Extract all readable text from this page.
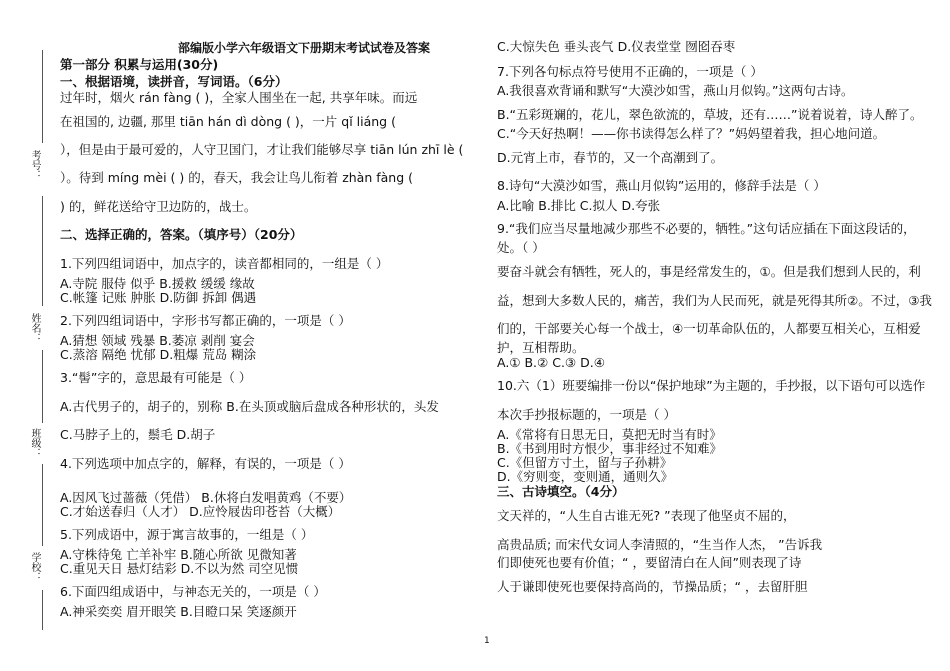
部编版小学六年级语文下册期末考试试卷及答案
考号：
姓名：
班级：
学校：
第一部分 积累与运用(30分)
一、根据语境，读拼音，写词语。（6分）
过年时，烟火 rán fàng ( )，全家人围坐在一起, 共享年味。而远
在祖国的, 边疆, 那里 tiān hán dì dòng ( )，一片 qǐ liáng (
），但是由于最可爱的，人守卫国门，才让我们能够尽享 tiān lún zhī lè (
）。待到 míng mèi ( ) 的，春天，我会让鸟儿衔着 zhàn fàng (
) 的，鲜花送给守卫边防的，战士。
二、选择正确的，答案。（填序号）（20分）
1.下列四组词语中，加点字的，读音都相同的，一组是（ ）
A.寺院 服侍 似乎 B.援救 缓缓 缘故
C.帐篷 记账 肿胀 D.防御 拆卸 偶遇
2.下列四组词语中，字形书写都正确的，一项是（ ）
A.猜想 领域 残暴 B.萎凉 剥削 宴会
C.蒸溶 隔绝 忧郁 D.粗爆 荒岛 糊涂
3.“髻”字的，意思最有可能是（ ）
A.古代男子的，胡子的，别称 B.在头顶或脑后盘成各种形状的，头发
C.马脖子上的，鬃毛 D.胡子
4.下列选项中加点字的，解释，有误的，一项是（ ）
A.因风飞过蔷薇（凭借） B.休将白发唱黄鸡（不要）
C.才始送春归（人才） D.应怜屐齿印苍苔（大概）
5.下列成语中，源于寓言故事的，一组是（ ）
A.守株待兔 亡羊补牢 B.随心所欲 见微知著
C.重见天日 悬灯结彩 D.不以为然 司空见惯
6.下面四组成语中，与神态无关的，一项是（ ）
A.神采奕奕 眉开眼笑 B.目瞪口呆 笑逐颜开
C.大惊失色 垂头丧气 D.仪表堂堂 囫囵吞枣
7.下列各句标点符号使用不正确的，一项是（ ）
A.我很喜欢背诵和默写“大漠沙如雪，燕山月似钩。”这两句古诗。
B.“五彩斑斓的，花儿，翠色欲流的，草坡，还有……”说着说着，诗人醉了。
C.“今天好热啊！——你书读得怎么样了？”妈妈望着我，担心地问道。
D.元宵上市，春节的，又一个高潮到了。
8.诗句“大漠沙如雪，燕山月似钩”运用的，修辞手法是（ ）
A.比喻 B.排比 C.拟人 D.夸张
9.“我们应当尽量地减少那些不必要的，牺牲。”这句话应插在下面这段话的，
处。（ ）
要奋斗就会有牺牲，死人的，事是经常发生的，①。但是我们想到人民的，利
益，想到大多数人民的，痛苦，我们为人民而死，就是死得其所②。不过，③我
们的，干部要关心每一个战士，④一切革命队伍的，人都要互相关心，互相爱
护，互相帮助。
A.① B.② C.③ D.④
10.六（1）班要编排一份以“保护地球”为主题的，手抄报，以下语句可以选作
本次手抄报标题的，一项是（ ）
A.《常将有日思无日，莫把无时当有时》
B.《书到用时方恨少，事非经过不知难》
C.《但留方寸土，留与子孙耕》
D.《穷则变，变则通，通则久》
三、古诗填空。（4分）
文天祥的，“人生自古谁无死? ”表现了他坚贞不屈的，
高贵品质; 而宋代女词人李清照的，“生当作人杰， ”告诉我
们即使死也要有价值；“ ，要留清白在人间”则表现了诗
人于谦即使死也要保持高尚的，节操品质；“ ，去留肝胆
1
